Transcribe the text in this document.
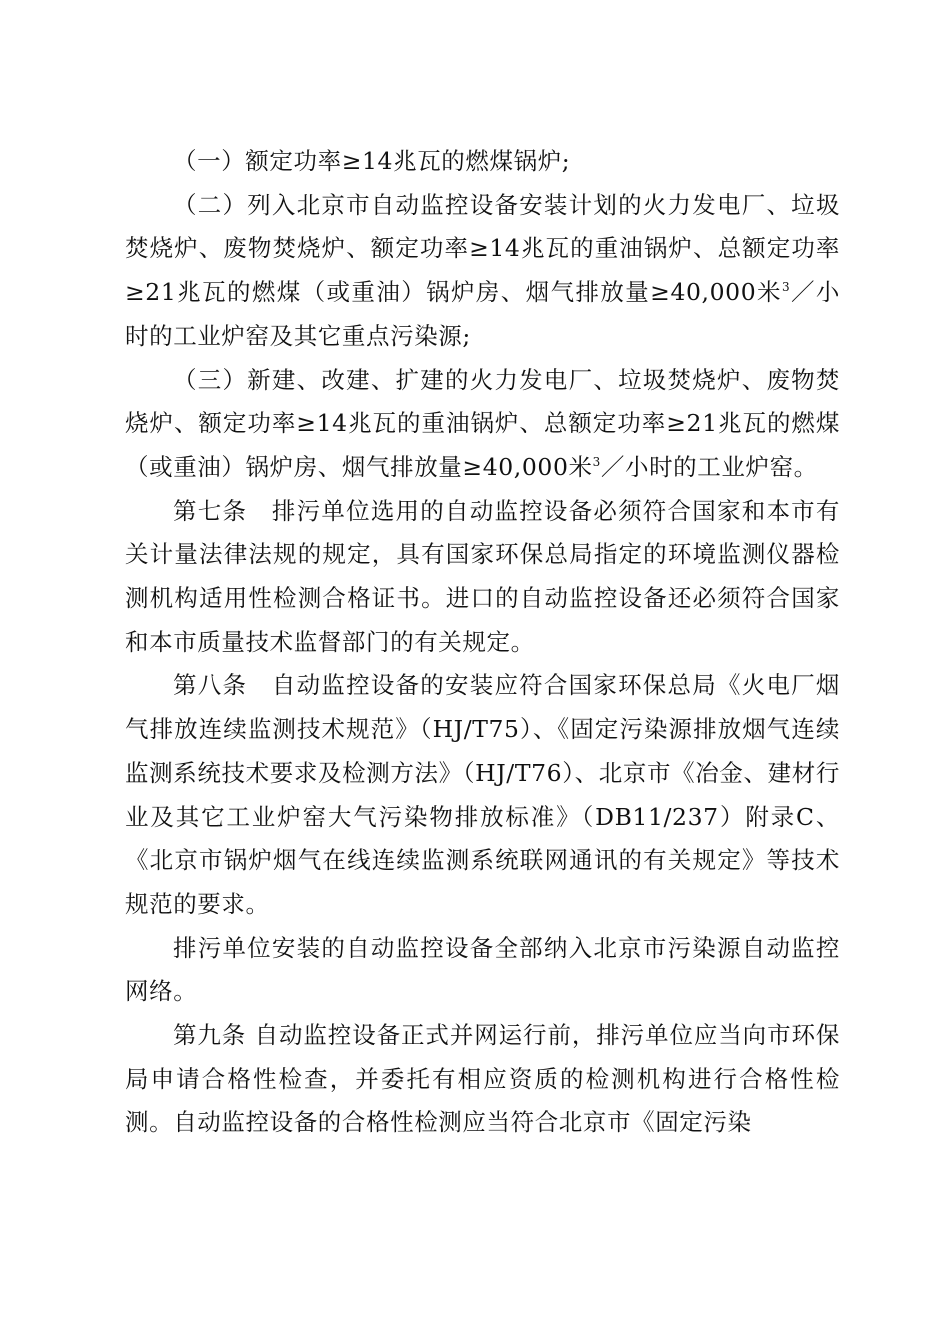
（一）额定功率≥14兆瓦的燃煤锅炉;

（二）列入北京市自动监控设备安装计划的火力发电厂、垃圾焚烧炉、废物焚烧炉、额定功率≥14兆瓦的重油锅炉、总额定功率≥21兆瓦的燃煤（或重油）锅炉房、烟气排放量≥40,000米$^3$／小时的工业炉窑及其它重点污染源;

（三）新建、改建、扩建的火力发电厂、垃圾焚烧炉、废物焚烧炉、额定功率≥14兆瓦的重油锅炉、总额定功率≥21兆瓦的燃煤（或重油）锅炉房、烟气排放量≥40,000米$^3$／小时的工业炉窑。

第七条　排污单位选用的自动监控设备必须符合国家和本市有关计量法律法规的规定，具有国家环保总局指定的环境监测仪器检测机构适用性检测合格证书。进口的自动监控设备还必须符合国家和本市质量技术监督部门的有关规定。

第八条　自动监控设备的安装应符合国家环保总局《火电厂烟气排放连续监测技术规范》（HJ/T75）、《固定污染源排放烟气连续监测系统技术要求及检测方法》（HJ/T76）、北京市《冶金、建材行业及其它工业炉窑大气污染物排放标准》（DB11/237）附录C、《北京市锅炉烟气在线连续监测系统联网通讯的有关规定》等技术规范的要求。

排污单位安装的自动监控设备全部纳入北京市污染源自动监控网络。

第九条 自动监控设备正式并网运行前，排污单位应当向市环保局申请合格性检查，并委托有相应资质的检测机构进行合格性检测。自动监控设备的合格性检测应当符合北京市《固定污染
